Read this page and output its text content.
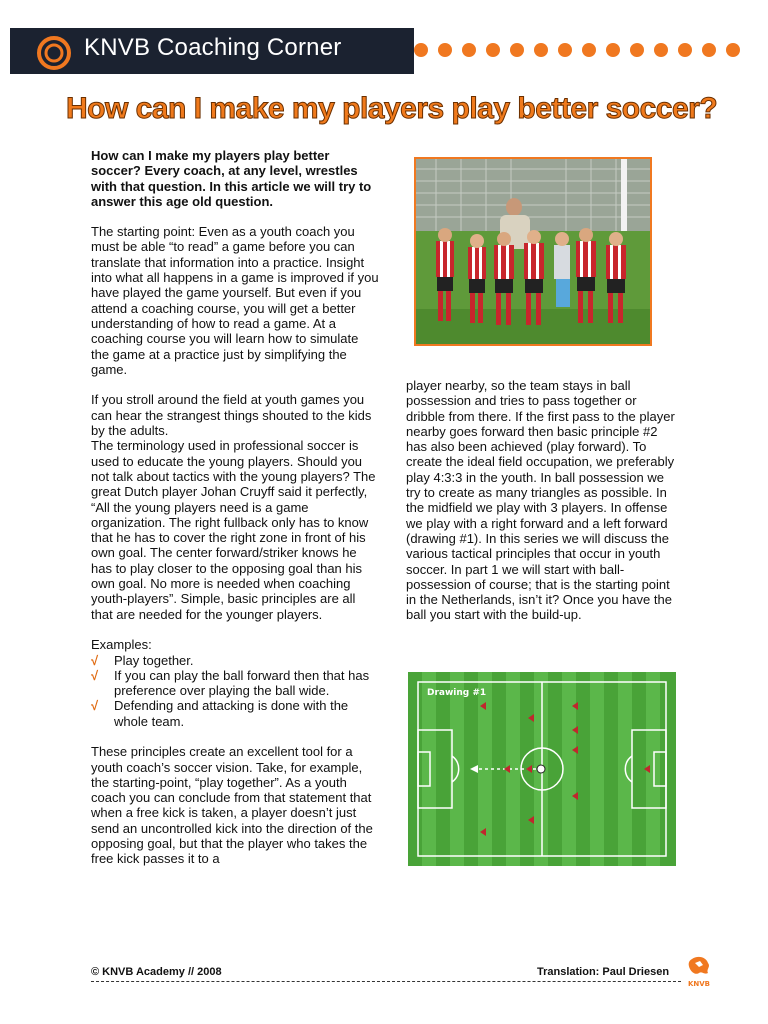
KNVB Coaching Corner
How can I make my players play better soccer?

How can I make my players play better soccer? Every coach, at any level, wrestles with that question. In this article we will try to answer this age old question.

The starting point: Even as a youth coach you must be able “to read” a game before you can translate that information into a practice. Insight into what all happens in a game is improved if you have played the game yourself. But even if you attend a coaching course, you will get a better understanding of how to read a game. At a coaching course you will learn how to simulate the game at a practice just by simplifying the game.

If you stroll around the field at youth games you can hear the strangest things shouted to the kids by the adults.

The terminology used in professional soccer is used to educate the young players. Should you not talk about tactics with the young players? The great Dutch player Johan Cruyff said it perfectly, “All the young players need is a game organization. The right fullback only has to know that he has to cover the right zone in front of his own goal. The center forward/striker knows he has to play closer to the opposing goal than his own goal. No more is needed when coaching youth-players”. Simple, basic principles are all that are needed for the younger players.

Examples:

√ Play together.
√ If you can play the ball forward then that has preference over playing the ball wide.
√ Defending and attacking is done with the whole team.

These principles create an excellent tool for a youth coach’s soccer vision. Take, for example, the starting-point, “play together”. As a youth coach you can conclude from that statement that when a free kick is taken, a player doesn’t just send an uncontrolled kick into the direction of the opposing goal, but that the player who takes the free kick passes it to a

player nearby, so the team stays in ball possession and tries to pass together or dribble from there. If the first pass to the player nearby goes forward then basic principle #2 has also been achieved (play forward). To create the ideal field occupation, we preferably play 4:3:3 in the youth. In ball possession we try to create as many triangles as possible. In the midfield we play with 3 players. In offense we play with a right forward and a left forward (drawing #1). In this series we will discuss the various tactical principles that occur in youth soccer. In part 1 we will start with ball-possession of course; that is the starting point in the Netherlands, isn’t it? Once you have the ball you start with the build-up.

Drawing #1
© KNVB Academy // 2008	Translation: Paul Driesen
KNVB
